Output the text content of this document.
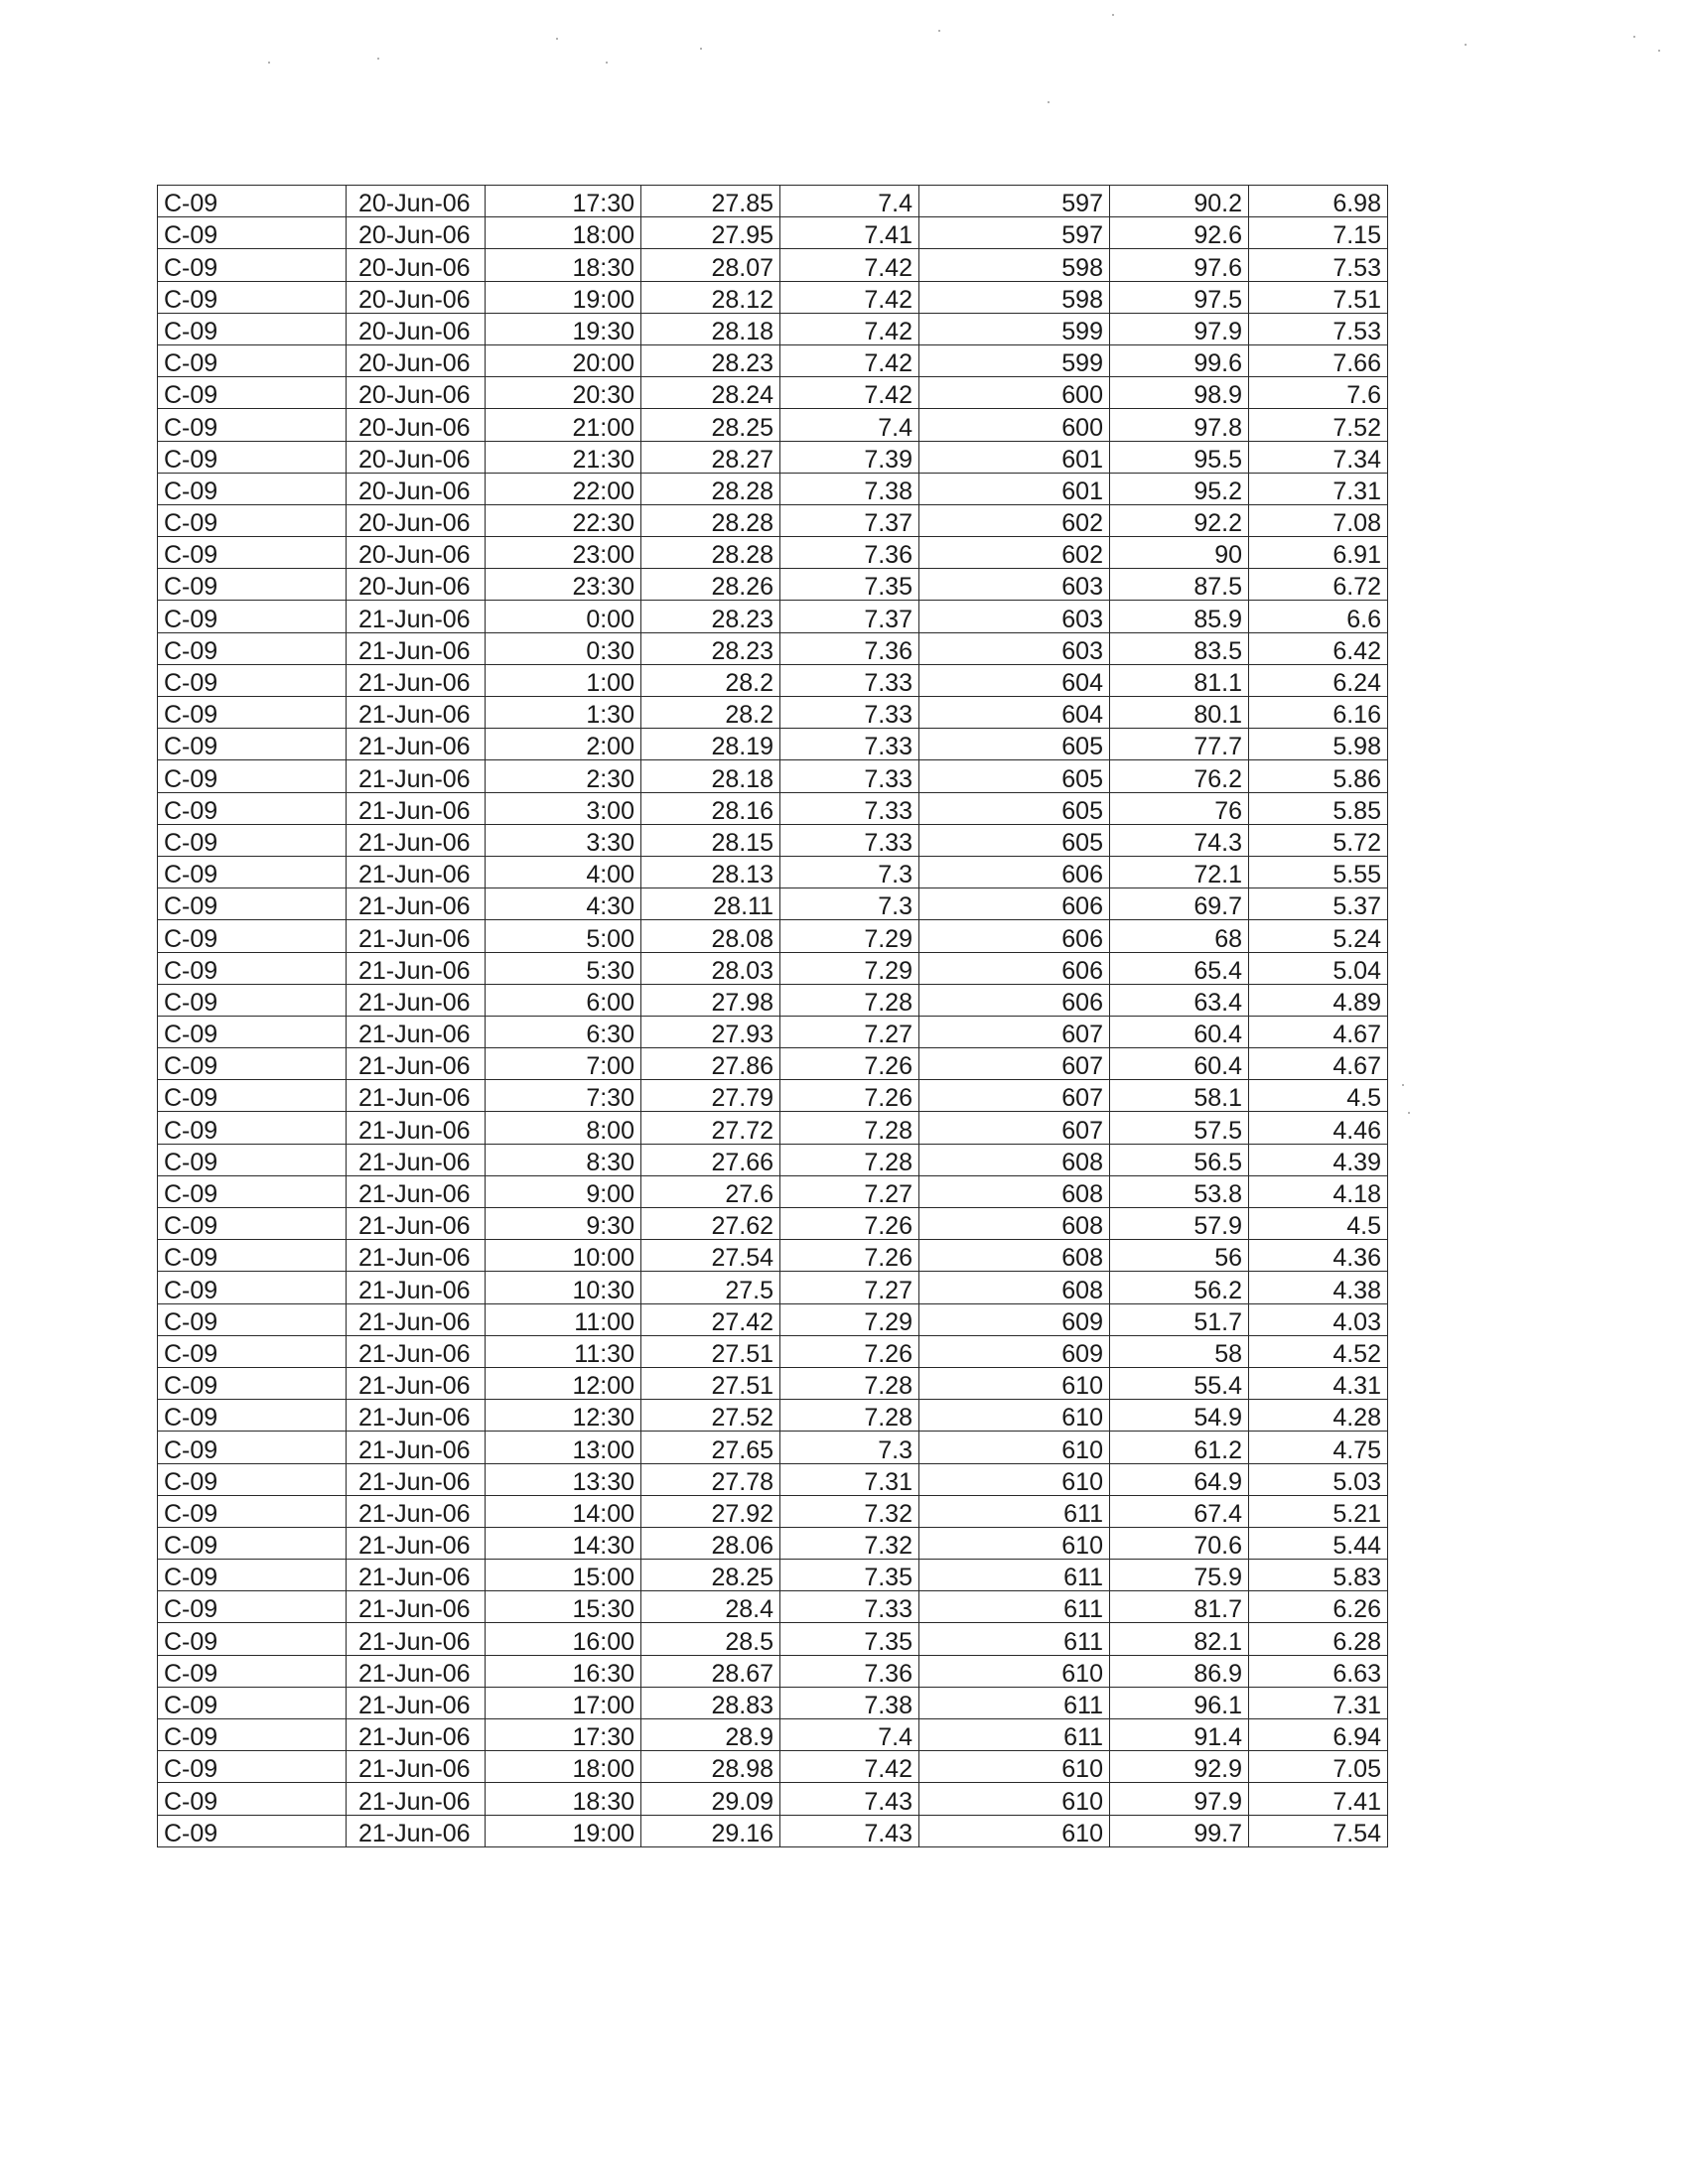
C-09	20-Jun-06	17:30	27.85	7.4	597	90.2	6.98
C-09	20-Jun-06	18:00	27.95	7.41	597	92.6	7.15
C-09	20-Jun-06	18:30	28.07	7.42	598	97.6	7.53
C-09	20-Jun-06	19:00	28.12	7.42	598	97.5	7.51
C-09	20-Jun-06	19:30	28.18	7.42	599	97.9	7.53
C-09	20-Jun-06	20:00	28.23	7.42	599	99.6	7.66
C-09	20-Jun-06	20:30	28.24	7.42	600	98.9	7.6
C-09	20-Jun-06	21:00	28.25	7.4	600	97.8	7.52
C-09	20-Jun-06	21:30	28.27	7.39	601	95.5	7.34
C-09	20-Jun-06	22:00	28.28	7.38	601	95.2	7.31
C-09	20-Jun-06	22:30	28.28	7.37	602	92.2	7.08
C-09	20-Jun-06	23:00	28.28	7.36	602	90	6.91
C-09	20-Jun-06	23:30	28.26	7.35	603	87.5	6.72
C-09	21-Jun-06	0:00	28.23	7.37	603	85.9	6.6
C-09	21-Jun-06	0:30	28.23	7.36	603	83.5	6.42
C-09	21-Jun-06	1:00	28.2	7.33	604	81.1	6.24
C-09	21-Jun-06	1:30	28.2	7.33	604	80.1	6.16
C-09	21-Jun-06	2:00	28.19	7.33	605	77.7	5.98
C-09	21-Jun-06	2:30	28.18	7.33	605	76.2	5.86
C-09	21-Jun-06	3:00	28.16	7.33	605	76	5.85
C-09	21-Jun-06	3:30	28.15	7.33	605	74.3	5.72
C-09	21-Jun-06	4:00	28.13	7.3	606	72.1	5.55
C-09	21-Jun-06	4:30	28.11	7.3	606	69.7	5.37
C-09	21-Jun-06	5:00	28.08	7.29	606	68	5.24
C-09	21-Jun-06	5:30	28.03	7.29	606	65.4	5.04
C-09	21-Jun-06	6:00	27.98	7.28	606	63.4	4.89
C-09	21-Jun-06	6:30	27.93	7.27	607	60.4	4.67
C-09	21-Jun-06	7:00	27.86	7.26	607	60.4	4.67
C-09	21-Jun-06	7:30	27.79	7.26	607	58.1	4.5
C-09	21-Jun-06	8:00	27.72	7.28	607	57.5	4.46
C-09	21-Jun-06	8:30	27.66	7.28	608	56.5	4.39
C-09	21-Jun-06	9:00	27.6	7.27	608	53.8	4.18
C-09	21-Jun-06	9:30	27.62	7.26	608	57.9	4.5
C-09	21-Jun-06	10:00	27.54	7.26	608	56	4.36
C-09	21-Jun-06	10:30	27.5	7.27	608	56.2	4.38
C-09	21-Jun-06	11:00	27.42	7.29	609	51.7	4.03
C-09	21-Jun-06	11:30	27.51	7.26	609	58	4.52
C-09	21-Jun-06	12:00	27.51	7.28	610	55.4	4.31
C-09	21-Jun-06	12:30	27.52	7.28	610	54.9	4.28
C-09	21-Jun-06	13:00	27.65	7.3	610	61.2	4.75
C-09	21-Jun-06	13:30	27.78	7.31	610	64.9	5.03
C-09	21-Jun-06	14:00	27.92	7.32	611	67.4	5.21
C-09	21-Jun-06	14:30	28.06	7.32	610	70.6	5.44
C-09	21-Jun-06	15:00	28.25	7.35	611	75.9	5.83
C-09	21-Jun-06	15:30	28.4	7.33	611	81.7	6.26
C-09	21-Jun-06	16:00	28.5	7.35	611	82.1	6.28
C-09	21-Jun-06	16:30	28.67	7.36	610	86.9	6.63
C-09	21-Jun-06	17:00	28.83	7.38	611	96.1	7.31
C-09	21-Jun-06	17:30	28.9	7.4	611	91.4	6.94
C-09	21-Jun-06	18:00	28.98	7.42	610	92.9	7.05
C-09	21-Jun-06	18:30	29.09	7.43	610	97.9	7.41
C-09	21-Jun-06	19:00	29.16	7.43	610	99.7	7.54
